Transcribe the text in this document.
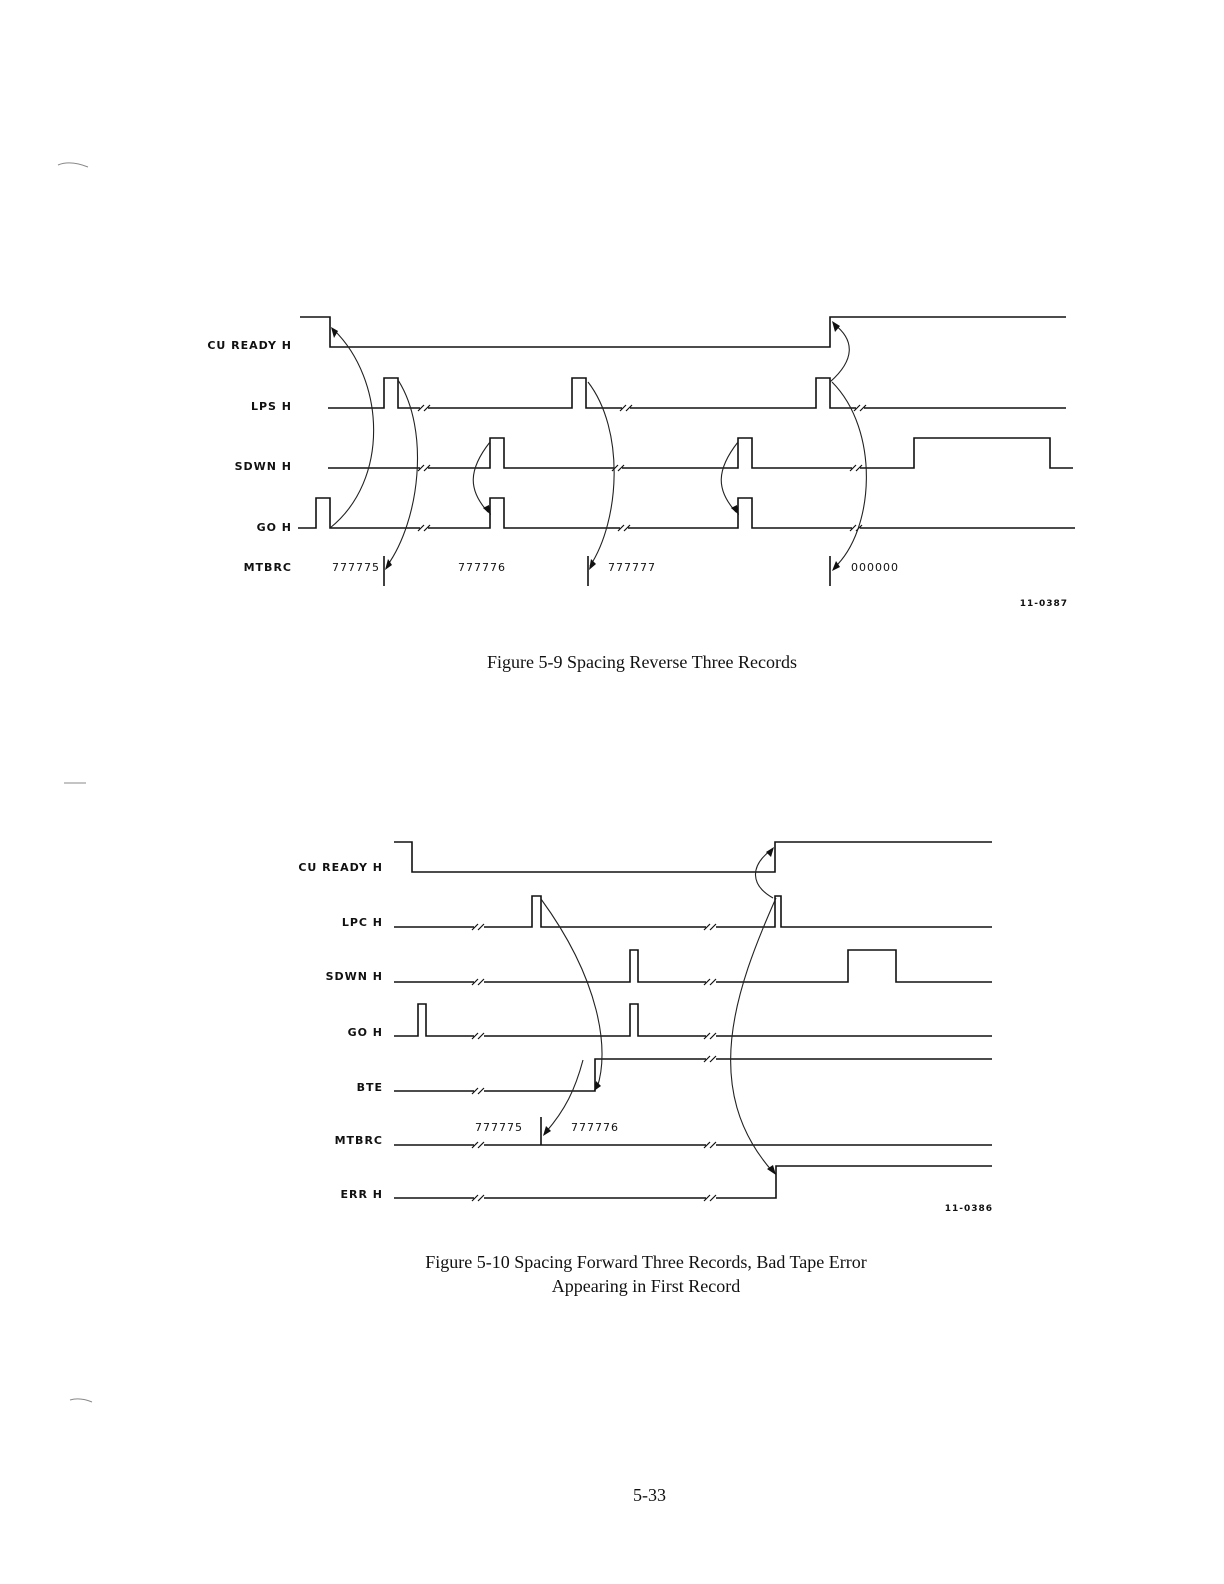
CU READY H
LPS H
SDWN H
GO H
MTBRC	777775	777776	777777	000000
11-0387
Figure 5-9 Spacing Reverse Three Records
CU READY H
LPC H
SDWN H
GO H
BTE
MTBRC
ERR H
777775	777776
11-0386
Figure 5-10 Spacing Forward Three Records, Bad Tape Error
Appearing in First Record
5-33
